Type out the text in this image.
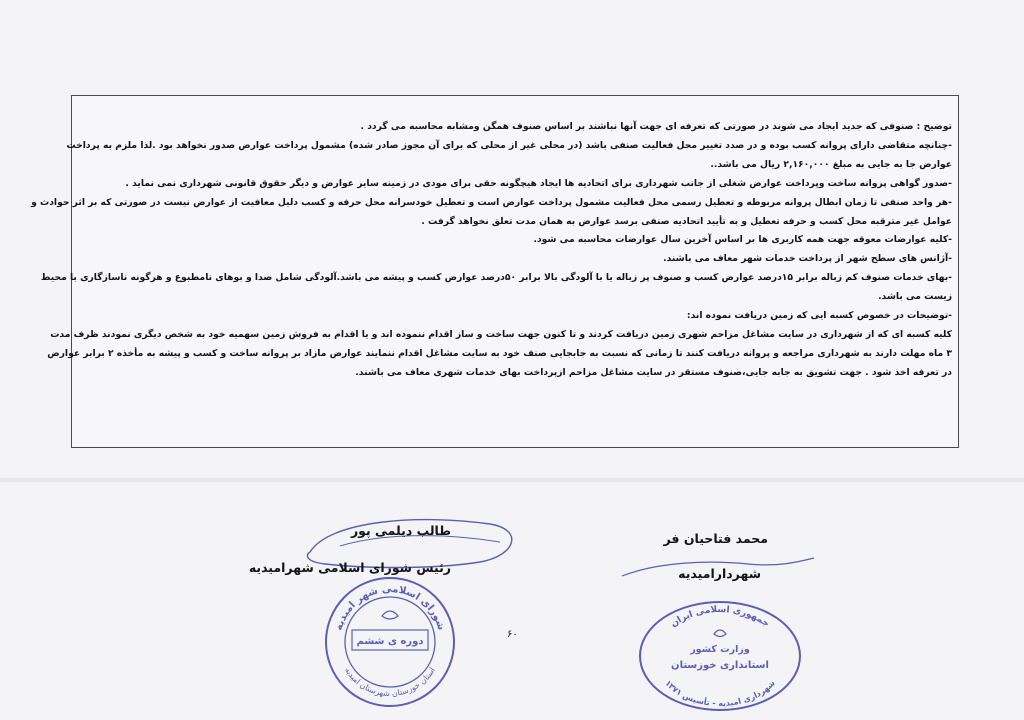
توضیح : صنوفی که جدید ایجاد می شوند در صورتی که تعرفه ای جهت آنها نباشند بر اساس صنوف همگن ومشابه محاسبه می گردد .
-چنانچه متقاضی دارای پروانه کسب بوده و در صدد تغییر محل فعالیت صنفی باشد (در محلی غیر از محلی که برای آن مجوز صادر شده) مشمول پرداخت عوارض صدور نخواهد بود .لذا ملزم به پرداخت
عوارض جا به جایی به مبلغ ۲,۱۶۰,۰۰۰ ریال می باشد..
-صدور گواهی پروانه ساخت وپرداخت عوارض شغلی از جانب شهرداری برای اتحادیه ها ایجاد هیچگونه حقی برای مودی در زمینه سایر عوارض و دیگر حقوق قانونی شهرداری نمی نماید .
-هر واحد صنفی تا زمان ابطال پروانه مربوطه و تعطیل رسمی محل فعالیت مشمول پرداخت عوارض است و تعطیل خودسرانه محل حرفه و کسب دلیل معافیت از عوارض نیست در صورتی که بر اثر حوادث و
عوامل غیر مترقبه محل کسب و حرفه تعطیل و به تأیید اتحادیه صنفی برسد عوارض به همان مدت تعلق نخواهد گرفت .
-کلیه عوارضات معوقه جهت همه کاربری ها بر اساس آخرین سال عوارضات محاسبه می شود.
-آژانس های سطح شهر از پرداخت خدمات شهر معاف می باشند.
-بهای خدمات صنوف کم زباله برابر ۱۵درصد عوارض کسب و صنوف پر زباله یا با آلودگی بالا برابر ۵۰درصد عوارض کسب و پیشه می باشد.آلودگی شامل صدا و بوهای نامطبوع و هرگونه ناسازگاری با محیط
زیست می باشد.
-توضیحات در خصوص کسبه ایی که زمین دریافت نموده اند:
کلیه کسبه ای که از شهرداری در سایت مشاغل مزاحم شهری زمین دریافت کردند و تا کنون جهت ساخت و ساز اقدام ننموده اند و یا اقدام به فروش زمین سهمیه خود به شخص دیگری نمودند ظرف مدت
۳ ماه مهلت دارند به شهرداری مراجعه و پروانه دریافت کنند تا زمانی که نسبت به جابجایی صنف خود به سایت مشاغل اقدام ننمایند عوارض مازاد بر پروانه ساخت و کسب و پیشه به مأخذه ۲ برابر عوارض
در تعرفه اخذ شود . جهت تشویق به جابه جایی،صنوف مستقر در سایت مشاغل مزاحم ازپرداخت بهای خدمات شهری معاف می باشند.
طالب دیلمی پور
رئیس شورای اسلامی شهرامیدیه
محمد فتاحیان فر
شهردارامیدیه
۶۰
شورای اسلامی شهر امیدیه
استان خوزستان شهرستان امیدیه
دوره ی ششم
جمهوری اسلامی ایران
شهرداری امیدیه - تأسیس ۱۳۷۱
وزارت کشور
استانداری خوزستان
